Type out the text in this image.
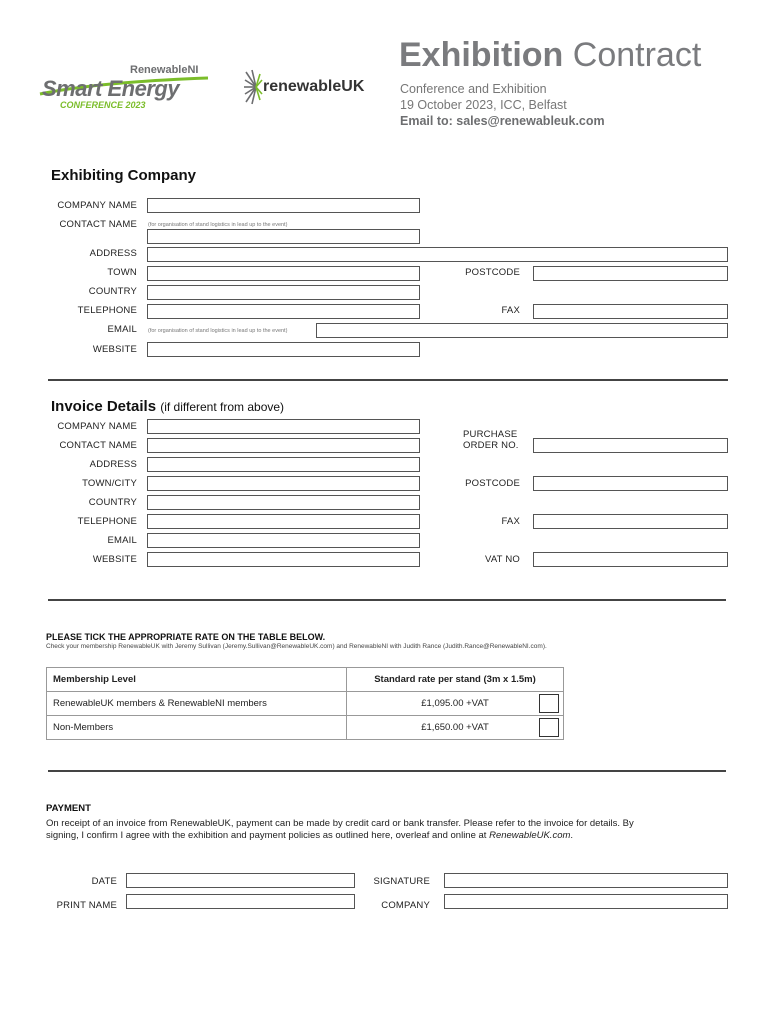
RenewableNI
Smart Energy
CONFERENCE 2023
renewableUK
Exhibition Contract
Conference and Exhibition
19 October 2023, ICC, Belfast
Email to: sales@renewableuk.com
Exhibiting Company
COMPANY NAME
CONTACT NAME (for organisation of stand logistics in lead up to the event)
ADDRESS
TOWN	POSTCODE
COUNTRY
TELEPHONE	FAX
EMAIL (for organisation of stand logistics in lead up to the event)
WEBSITE
Invoice Details (if different from above)
COMPANY NAME
CONTACT NAME
PURCHASE
ORDER NO.
ADDRESS
TOWN/CITY	POSTCODE
COUNTRY
TELEPHONE	FAX
EMAIL
WEBSITE	VAT NO
PLEASE TICK THE APPROPRIATE RATE ON THE TABLE BELOW.
Check your membership RenewableUK with Jeremy Sullivan (Jeremy.Sullivan@RenewableUK.com) and RenewableNI with Judith Rance (Judith.Rance@RenewableNI.com).
Membership Level	Standard rate per stand (3m x 1.5m)
RenewableUK members & RenewableNI members	£1,095.00 +VAT

Non-Members	£1,650.00 +VAT
PAYMENT
On receipt of an invoice from RenewableUK, payment can be made by credit card or bank transfer. Please refer to the invoice for details. By
signing, I confirm I agree with the exhibition and payment policies as outlined here, overleaf and online at RenewableUK.com.
DATE	SIGNATURE
PRINT NAME	COMPANY
